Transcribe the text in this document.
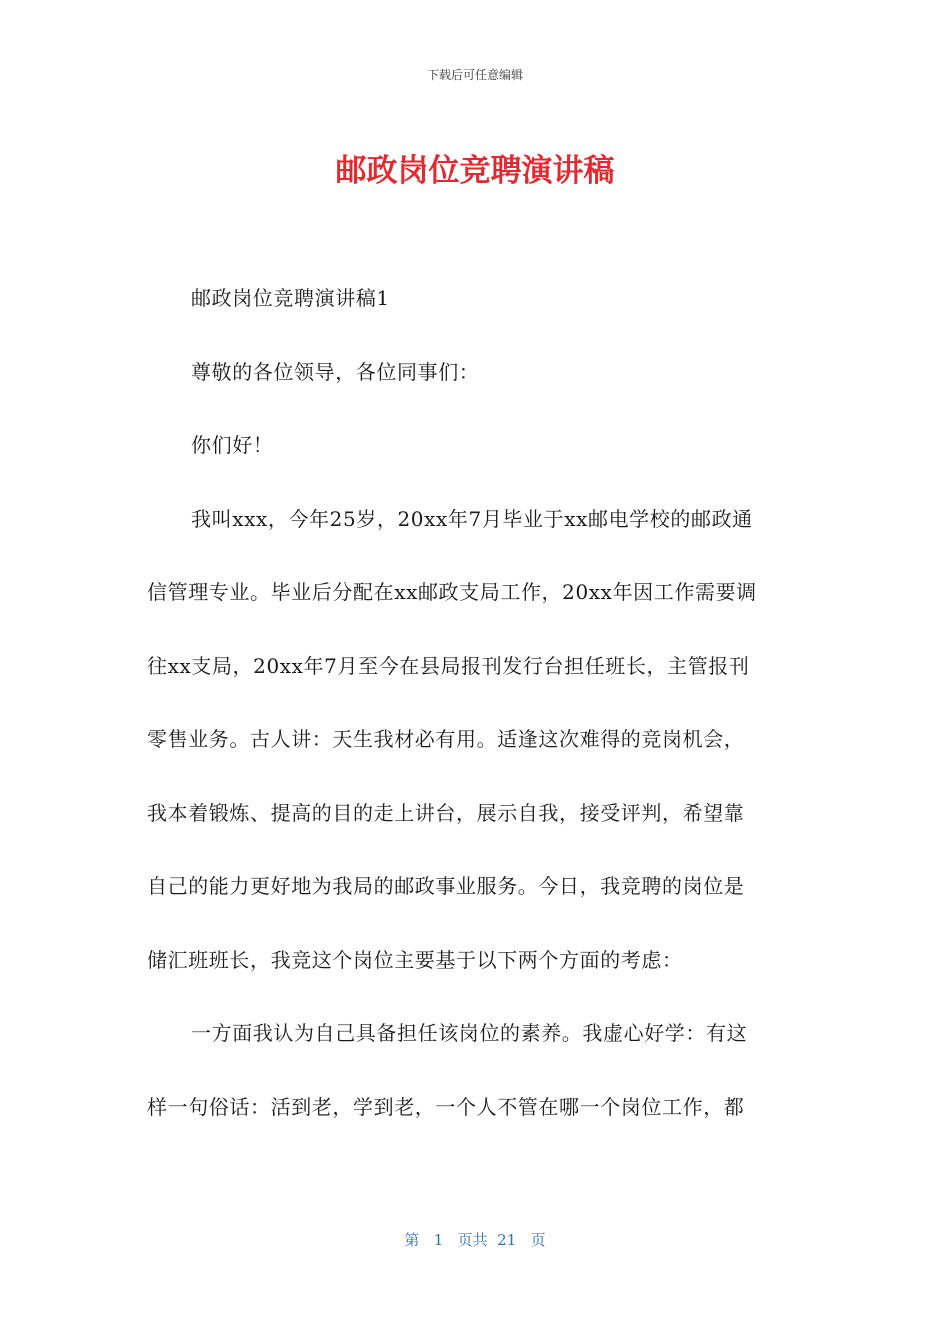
下载后可任意编辑
邮政岗位竞聘演讲稿
邮政岗位竞聘演讲稿1
尊敬的各位领导，各位同事们：
你们好！
我叫xxx，今年25岁，20xx年7月毕业于xx邮电学校的邮政通
信管理专业。毕业后分配在xx邮政支局工作，20xx年因工作需要调
往xx支局，20xx年7月至今在县局报刊发行台担任班长，主管报刊
零售业务。古人讲：天生我材必有用。适逢这次难得的竞岗机会，
我本着锻炼、提高的目的走上讲台，展示自我，接受评判，希望靠
自己的能力更好地为我局的邮政事业服务。今日，我竞聘的岗位是
储汇班班长，我竞这个岗位主要基于以下两个方面的考虑：
一方面我认为自己具备担任该岗位的素养。我虚心好学：有这
样一句俗话：活到老，学到老，一个人不管在哪一个岗位工作，都
第 1 页共 21 页
